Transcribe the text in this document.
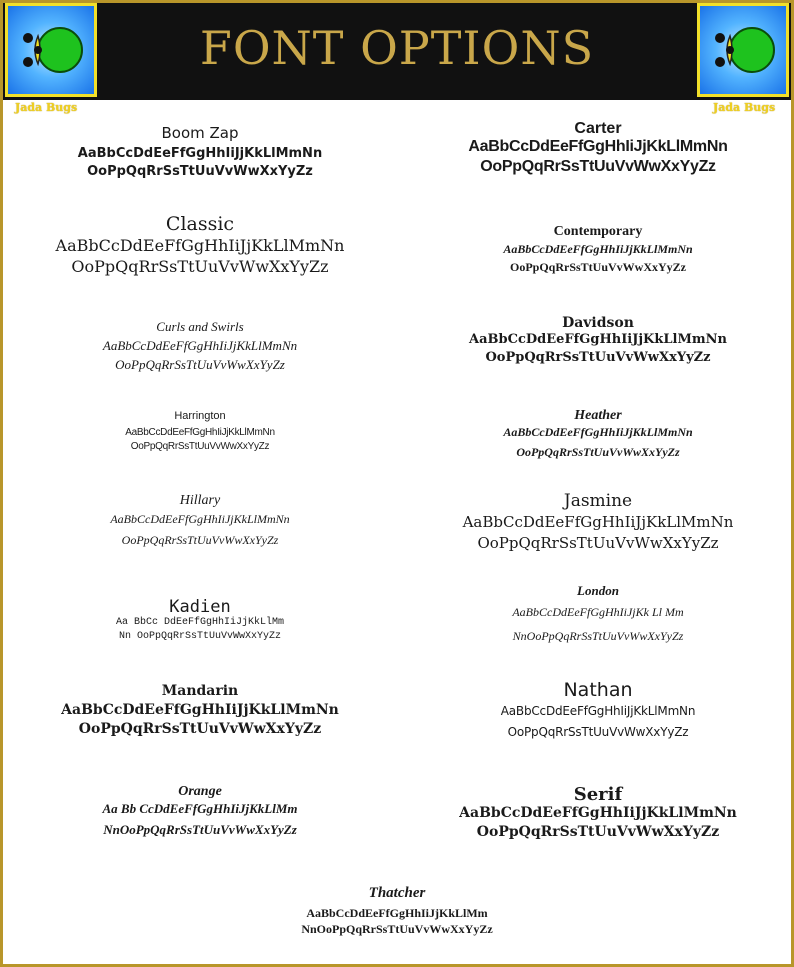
FONT OPTIONS
Jada Bugs	Jada Bugs
Boom Zap
AaBbCcDdEeFfGgHhIiJjKkLlMmNn
OoPpQqRrSsTtUuVvWwXxYyZz
Classic
AaBbCcDdEeFfGgHhIiJjKkLlMmNn
OoPpQqRrSsTtUuVvWwXxYyZz
Curls and Swirls
AaBbCcDdEeFfGgHhIiJjKkLlMmNn
OoPpQqRrSsTtUuVvWwXxYyZz
Harrington
AaBbCcDdEeFfGgHhIiJjKkLlMmNn
OoPpQqRrSsTtUuVvWwXxYyZz
Hillary
AaBbCcDdEeFfGgHhIiJjKkLlMmNn
OoPpQqRrSsTtUuVvWwXxYyZz
Kadien
Aa BbCc DdEeFfGgHhIiJjKkLlMm
Nn OoPpQqRrSsTtUuVvWwXxYyZz
Mandarin
AaBbCcDdEeFfGgHhIiJjKkLlMmNn
OoPpQqRrSsTtUuVvWwXxYyZz
Orange
Aa Bb CcDdEeFfGgHhIiJjKkLlMm
NnOoPpQqRrSsTtUuVvWwXxYyZz
Carter
AaBbCcDdEeFfGgHhIiJjKkLlMmNn
OoPpQqRrSsTtUuVvWwXxYyZz
Contemporary
AaBbCcDdEeFfGgHhIiJjKkLlMmNn
OoPpQqRrSsTtUuVvWwXxYyZz
Davidson
AaBbCcDdEeFfGgHhIiJjKkLlMmNn
OoPpQqRrSsTtUuVvWwXxYyZz
Heather
AaBbCcDdEeFfGgHhIiJjKkLlMmNn
OoPpQqRrSsTtUuVvWwXxYyZz
Jasmine
AaBbCcDdEeFfGgHhIiJjKkLlMmNn
OoPpQqRrSsTtUuVvWwXxYyZz
London
AaBbCcDdEeFfGgHhIiJjKk Ll Mm
NnOoPpQqRrSsTtUuVvWwXxYyZz
Nathan
AaBbCcDdEeFfGgHhIiJjKkLlMmNn
OoPpQqRrSsTtUuVvWwXxYyZz
Serif
AaBbCcDdEeFfGgHhIiJjKkLlMmNn
OoPpQqRrSsTtUuVvWwXxYyZz
Thatcher
AaBbCcDdEeFfGgHhIiJjKkLlMm
NnOoPpQqRrSsTtUuVvWwXxYyZz
